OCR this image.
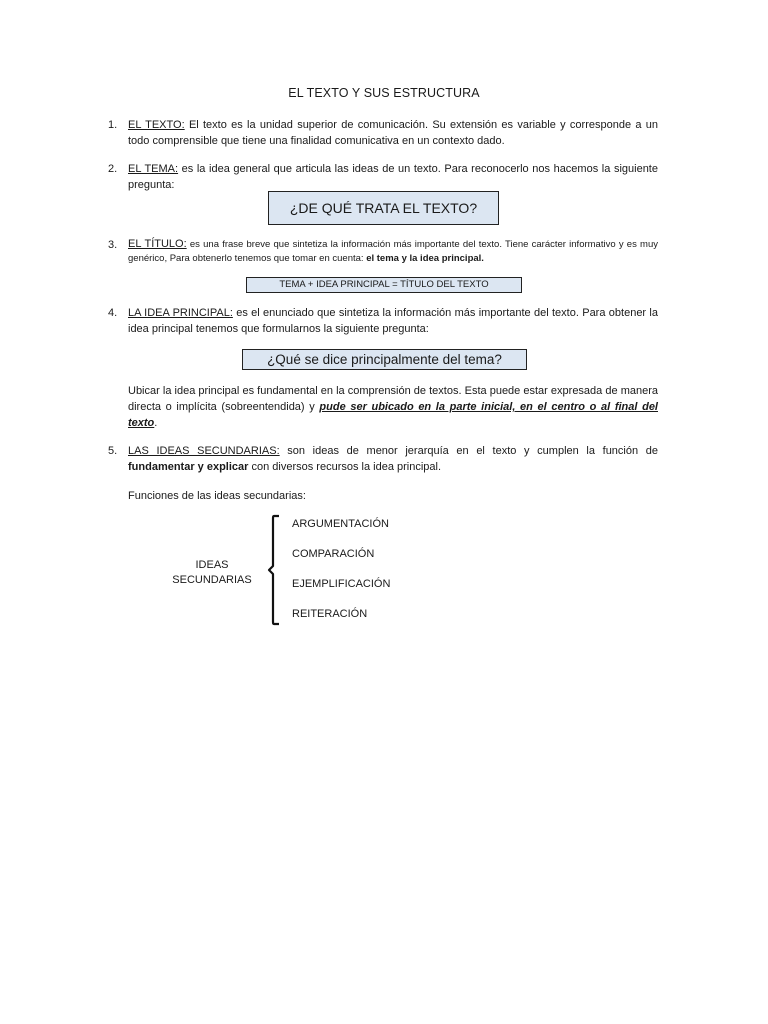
EL TEXTO Y SUS ESTRUCTURA
1. EL TEXTO: El texto es la unidad superior de comunicación. Su extensión es variable y corresponde a un todo comprensible que tiene una finalidad comunicativa en un contexto dado.
2. EL TEMA: es la idea general que articula las ideas de un texto. Para reconocerlo nos hacemos la siguiente pregunta:
¿DE QUÉ TRATA EL TEXTO?
3. EL TÍTULO: es una frase breve que sintetiza la información más importante del texto. Tiene carácter informativo y es muy genérico, Para obtenerlo tenemos que tomar en cuenta: el tema y la idea principal.
TEMA + IDEA PRINCIPAL = TÍTULO DEL TEXTO
4. LA IDEA PRINCIPAL: es el enunciado que sintetiza la información más importante del texto. Para obtener la idea principal tenemos que formularnos la siguiente pregunta:
¿Qué se dice principalmente del tema?
Ubicar la idea principal es fundamental en la comprensión de textos. Esta puede estar expresada de manera directa o implícita (sobreentendida) y pude ser ubicado en la parte inicial, en el centro o al final del texto.
5. LAS IDEAS SECUNDARIAS: son ideas de menor jerarquía en el texto y cumplen la función de fundamentar y explicar con diversos recursos la idea principal.
Funciones de las ideas secundarias:
IDEAS
SECUNDARIAS
ARGUMENTACIÓN
COMPARACIÓN
EJEMPLIFICACIÓN
REITERACIÓN
